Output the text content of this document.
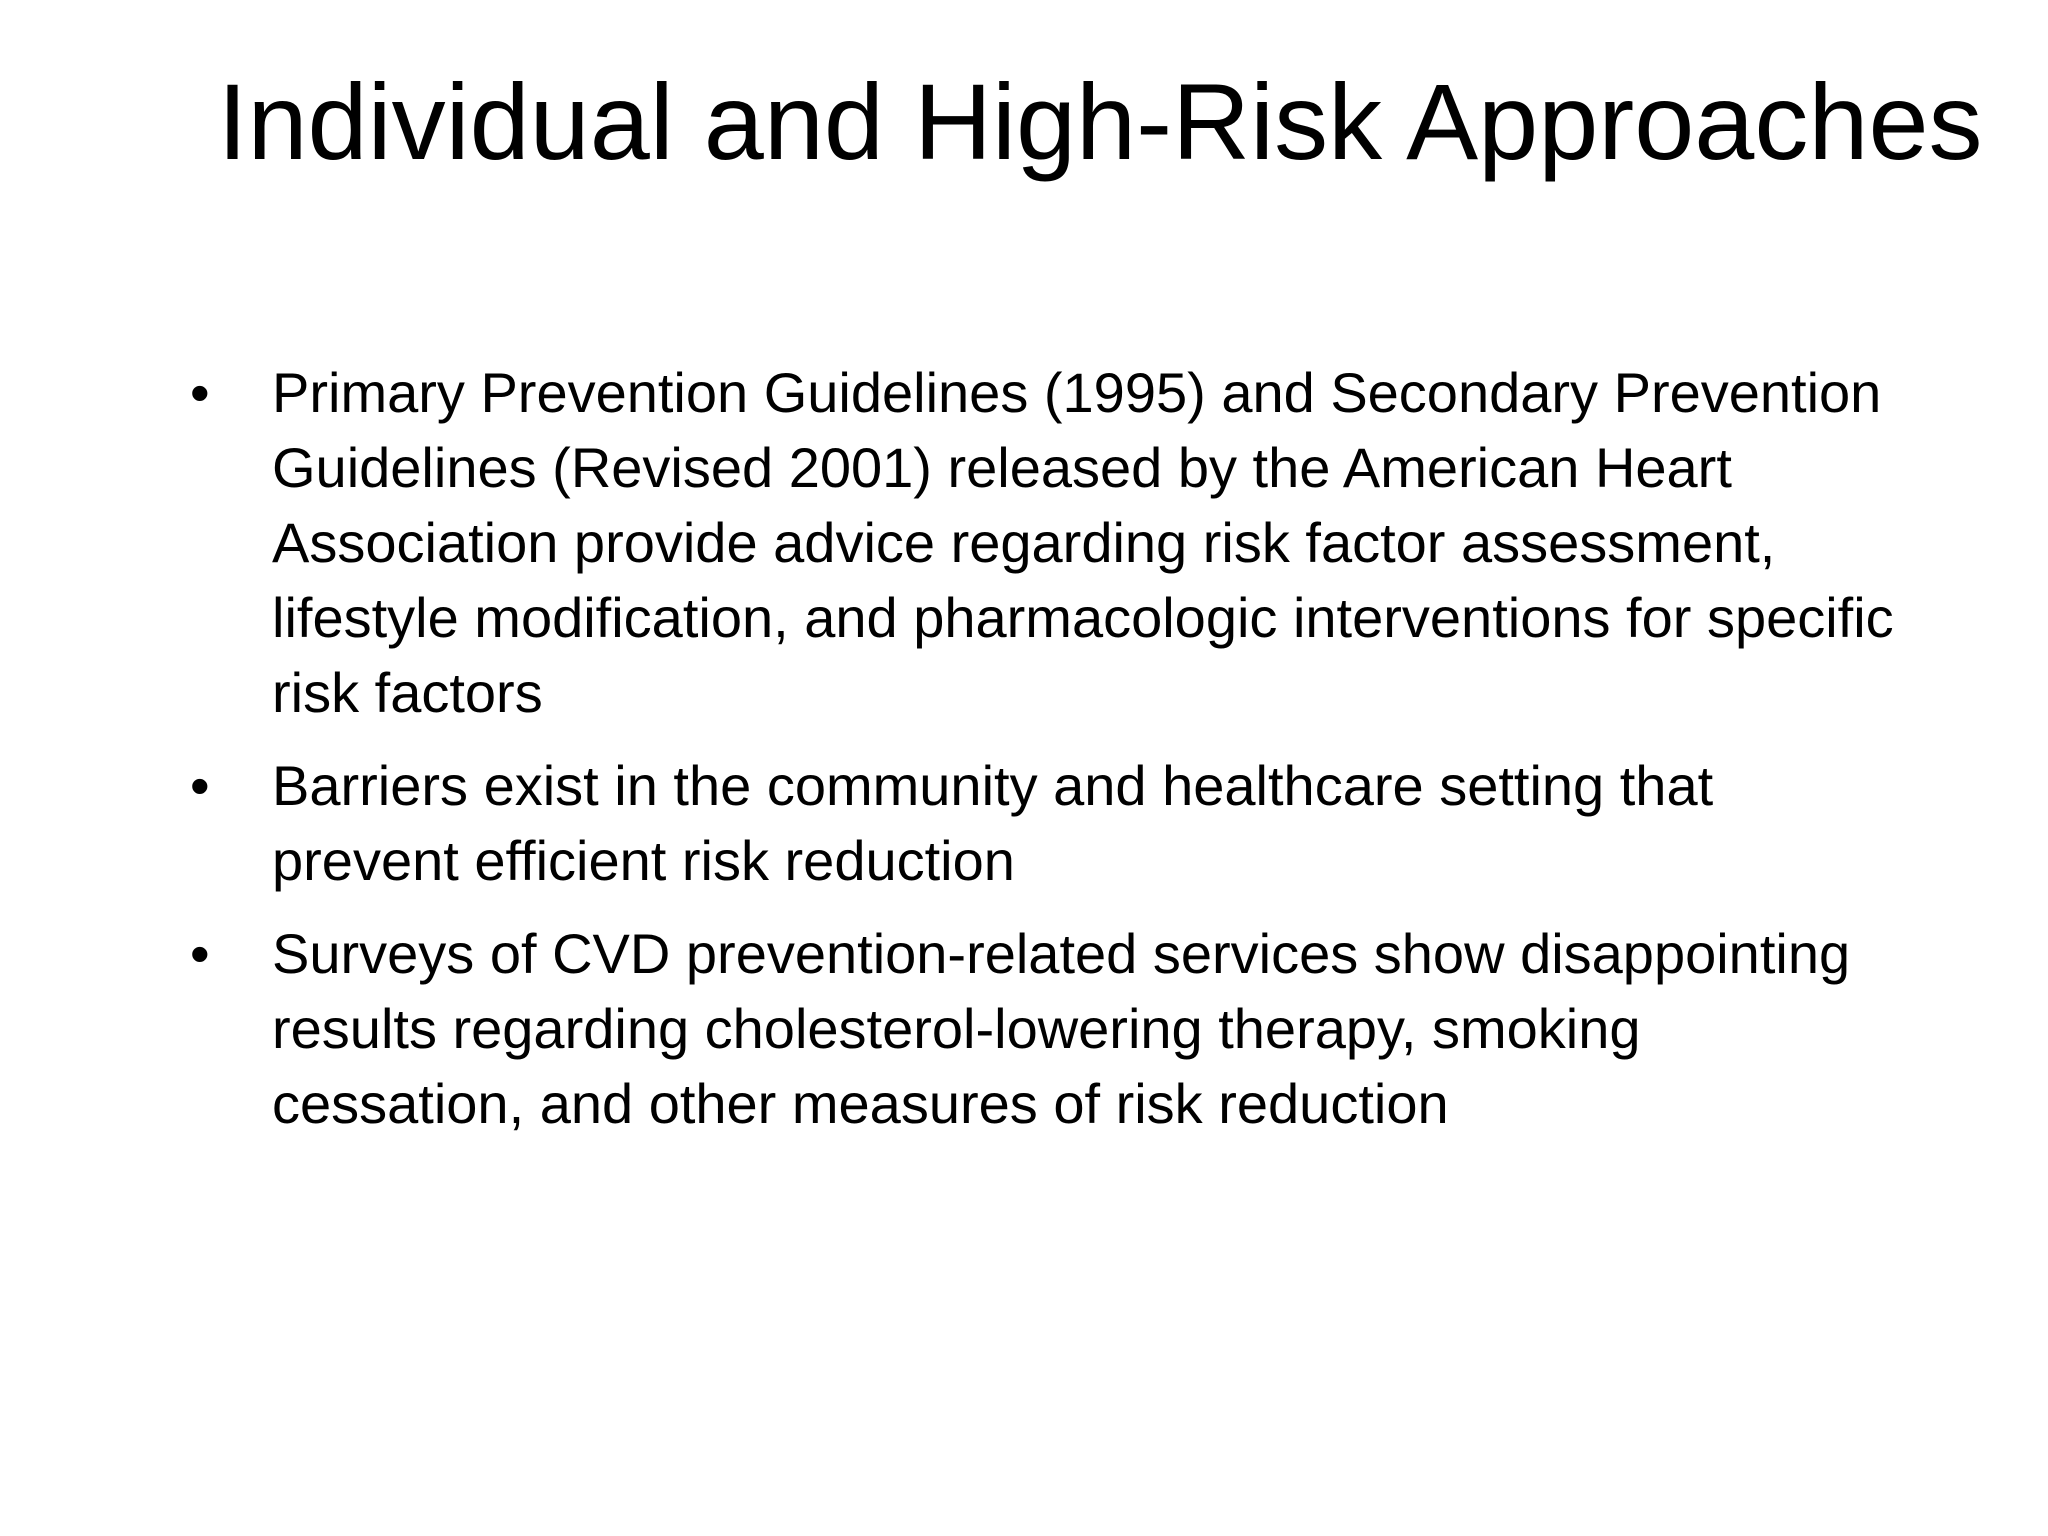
Individual and High-Risk Approaches
• Primary Prevention Guidelines (1995) and Secondary Prevention Guidelines (Revised 2001) released by the American Heart Association provide advice regarding risk factor assessment, lifestyle modification, and pharmacologic interventions for specific risk factors
• Barriers exist in the community and healthcare setting that prevent efficient risk reduction
• Surveys of CVD prevention-related services show disappointing results regarding cholesterol-lowering therapy, smoking cessation, and other measures of risk reduction
